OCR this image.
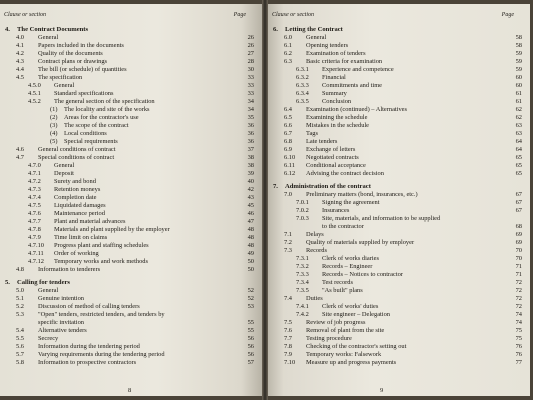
Clause or section	Page
4. The Contract Documents
4.0 General	26
4.1 Papers included in the documents	26
4.2 Quality of the documents	27
4.3 Contract plans or drawings	28
4.4 The bill (or schedule) of quantities	30
4.5 The specification	33
4.5.0 General	33
4.5.1 Standard specifications	33
4.5.2 The general section of the specification	34
(1) The locality and site of the works	34
(2) Areas for the contractor's use	35
(3) The scope of the contract	36
(4) Local conditions	36
(5) Special requirements	36
4.6 General conditions of contract	37
4.7 Special conditions of contract	38
4.7.0 General	38
4.7.1 Deposit	39
4.7.2 Surety and bond	40
4.7.3 Retention moneys	42
4.7.4 Completion date	43
4.7.5 Liquidated damages	45
4.7.6 Maintenance period	46
4.7.7 Plant and material advances	47
4.7.8 Materials and plant supplied by the employer	48
4.7.9 Time limit on claims	48
4.7.10 Progress plant and staffing schedules	48
4.7.11 Order of working	49
4.7.12 Temporary works and work methods	50
4.8 Information to tenderers	50
5. Calling for tenders
5.0 General	52
5.1 Genuine intention	52
5.2 Discussion of method of calling tenders	53
5.3 "Open" tenders, restricted tenders, and tenders by
specific invitation	55
5.4 Alternative tenders	55
5.5 Secrecy	56
5.6 Information during the tendering period	56
5.7 Varying requirements during the tendering period	56
5.8 Information to prospective contractors	57
8
Clause or section	Page
6. Letting the Contract
6.0 General	58
6.1 Opening tenders	58
6.2 Examination of tenders	59
6.3 Basic criteria for examination	59
6.3.1 Experience and competence	59
6.3.2 Financial	60
6.3.3 Commitments and time	60
6.3.4 Summary	61
6.3.5 Conclusion	61
6.4 Examination (continued) – Alternatives	62
6.5 Examining the schedule	62
6.6 Mistakes in the schedule	63
6.7 Tags	63
6.8 Late tenders	64
6.9 Exchange of letters	64
6.10 Negotiated contracts	65
6.11 Conditional acceptance	65
6.12 Advising the contract decision	65
7. Administration of the contract
7.0 Preliminary matters (bond, insurances, etc.)	67
7.0.1 Signing the agreement	67
7.0.2 Insurances	67
7.0.3 Site, materials, and information to be supplied
to the contractor	68
7.1 Delays	69
7.2 Quality of materials supplied by employer	69
7.3 Records	70
7.3.1 Clerk of works diaries	70
7.3.2 Records – Engineer	71
7.3.3 Records – Notices to contractor	71
7.3.4 Test records	72
7.3.5 "As built" plans	72
7.4 Duties	72
7.4.1 Clerk of works' duties	72
7.4.2 Site engineer – Delegation	74
7.5 Review of job progress	74
7.6 Removal of plant from the site	75
7.7 Testing procedure	75
7.8 Checking of the contractor's setting out	76
7.9 Temporary works: Falsework	76
7.10 Measure up and progress payments	77
9
